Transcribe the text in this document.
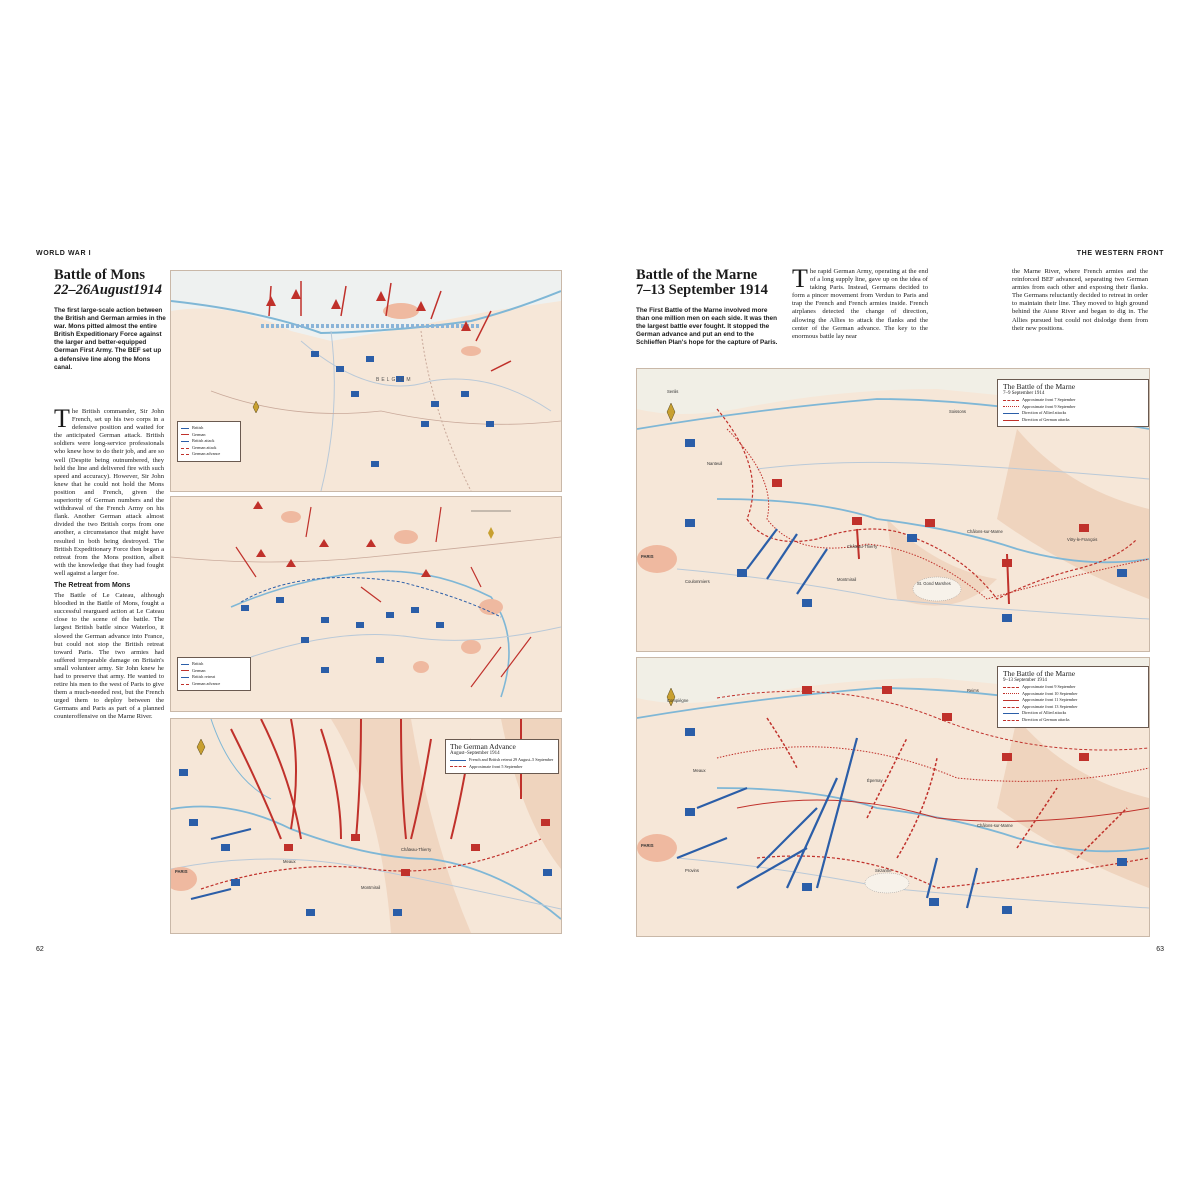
WORLD WAR I
Battle of Mons
22–26August1914
The first large-scale action between the British and German armies in the war. Mons pitted almost the entire British Expeditionary Force against the larger and better-equipped German First Army. The BEF set up a defensive line along the Mons canal.
The British commander, Sir John French, set up his two corps in a defensive position and waited for the anticipated German attack. British soldiers were long-service professionals who knew how to do their job, and are so well (Despite being outnumbered, they held the line and delivered fire with such speed and accuracy). However, Sir John knew that he could not hold the Mons position and French, given the superiority of German numbers and the withdrawal of the French Army on his flank. Another German attack almost divided the two British corps from one another, a circumstance that might have resulted in both being destroyed. The British Expeditionary Force then began a retreat from the Mons position, albeit with the knowledge that they had fought well against a larger foe.
The Retreat from Mons
The Battle of Le Cateau, although bloodied in the Battle of Mons, fought a successful rearguard action at Le Cateau close to the scene of the battle. The largest British battle since Waterloo, it slowed the German advance into France, but could not stop the British retreat toward Paris. The two armies had suffered irreparable damage on Britain's small volunteer army. Sir John knew he had to preserve that army. He wanted to retire his men to the west of Paris to give them a much-needed rest, but the French urged them to deploy between the Germans and Paris as part of a planned counteroffensive on the Marne River.
BELGIUM
British
German
British attack
German attack
German advance
British
German
British retreat
German advance
PARIS
Meaux
Château-Thierry
Montmirail
The German Advance
August–September 1914
French and British retreat 29 August–5 September
Approximate front 5 September
62
THE WESTERN FRONT
Battle of the Marne
7–13 September 1914
The First Battle of the Marne involved more than one million men on each side. It was then the largest battle ever fought. It stopped the German advance and put an end to the Schlieffen Plan's hope for the capture of Paris.
The rapid German Army, operating at the end of a long supply line, gave up on the idea of taking Paris. Instead, Germans decided to form a pincer movement from Verdun to Paris and trap the French and French armies inside. French airplanes detected the change of direction, allowing the Allies to attack the flanks and the center of the German advance. The key to the enormous battle lay near
the Marne River, where French armies and the reinforced BEF advanced, separating two German armies from each other and exposing their flanks. The Germans reluctantly decided to retreat in order to maintain their line. They moved to high ground behind the Aisne River and began to dig in. The Allies pursued but could not dislodge them from their new positions.
PARIS
Senlis
Nanteuil
Coulommiers
Château-Thierry
Soissons
Châlons-sur-Marne
St. Gond Marshes
Montmirail
Vitry-le-François
The Battle of the Marne
7–9 September 1914
Approximate front 7 September
Approximate front 9 September
Direction of Allied attacks
Direction of German attacks
PARIS
Compiègne
Meaux
Provins
Épernay
Reims
Châlons-sur-Marne
Sézanne
The Battle of the Marne
9–13 September 1914
Approximate front 9 September
Approximate front 10 September
Approximate front 11 September
Approximate front 13 September
Direction of Allied attacks
Direction of German attacks
63
